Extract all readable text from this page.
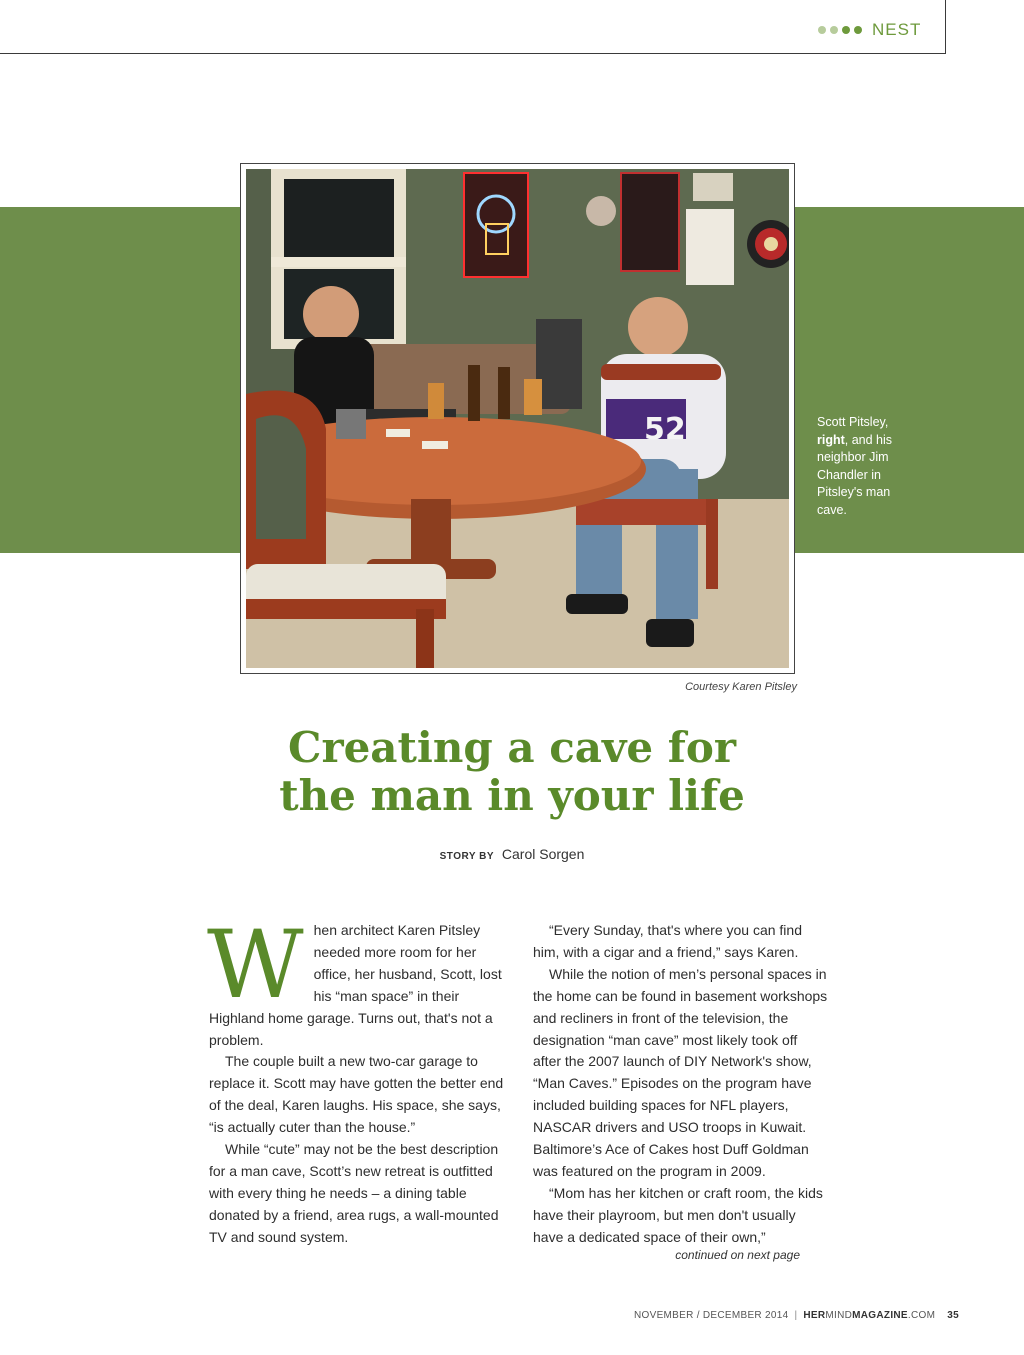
NEST
52	Scott Pitsley,
right, and his neighbor Jim Chandler in Pitsley's man cave.
Courtesy Karen Pitsley
Creating a cave for
the man in your life
STORY BY Carol Sorgen

When architect Karen Pitsley needed more room for her office, her husband, Scott, lost his “man space” in their Highland home garage. Turns out, that's not a problem.

The couple built a new two-car garage to replace it. Scott may have gotten the better end of the deal, Karen laughs. His space, she says, “is actually cuter than the house.”

While “cute” may not be the best description for a man cave, Scott’s new retreat is outfitted with every thing he needs – a dining table donated by a friend, area rugs, a wall-mounted TV and sound system.

“Every Sunday, that's where you can find him, with a cigar and a friend,” says Karen.

While the notion of men’s personal spaces in the home can be found in basement workshops and recliners in front of the television, the designation “man cave” most likely took off after the 2007 launch of DIY Network's show, “Man Caves.” Episodes on the program have included building spaces for NFL players, NASCAR drivers and USO troops in Kuwait. Baltimore’s Ace of Cakes host Duff Goldman was featured on the program in 2009.

“Mom has her kitchen or craft room, the kids have their playroom, but men don't usually have a dedicated space of their own,”

continued on next page
NOVEMBER / DECEMBER 2014 | HERMINDMAGAZINE.COM 35
